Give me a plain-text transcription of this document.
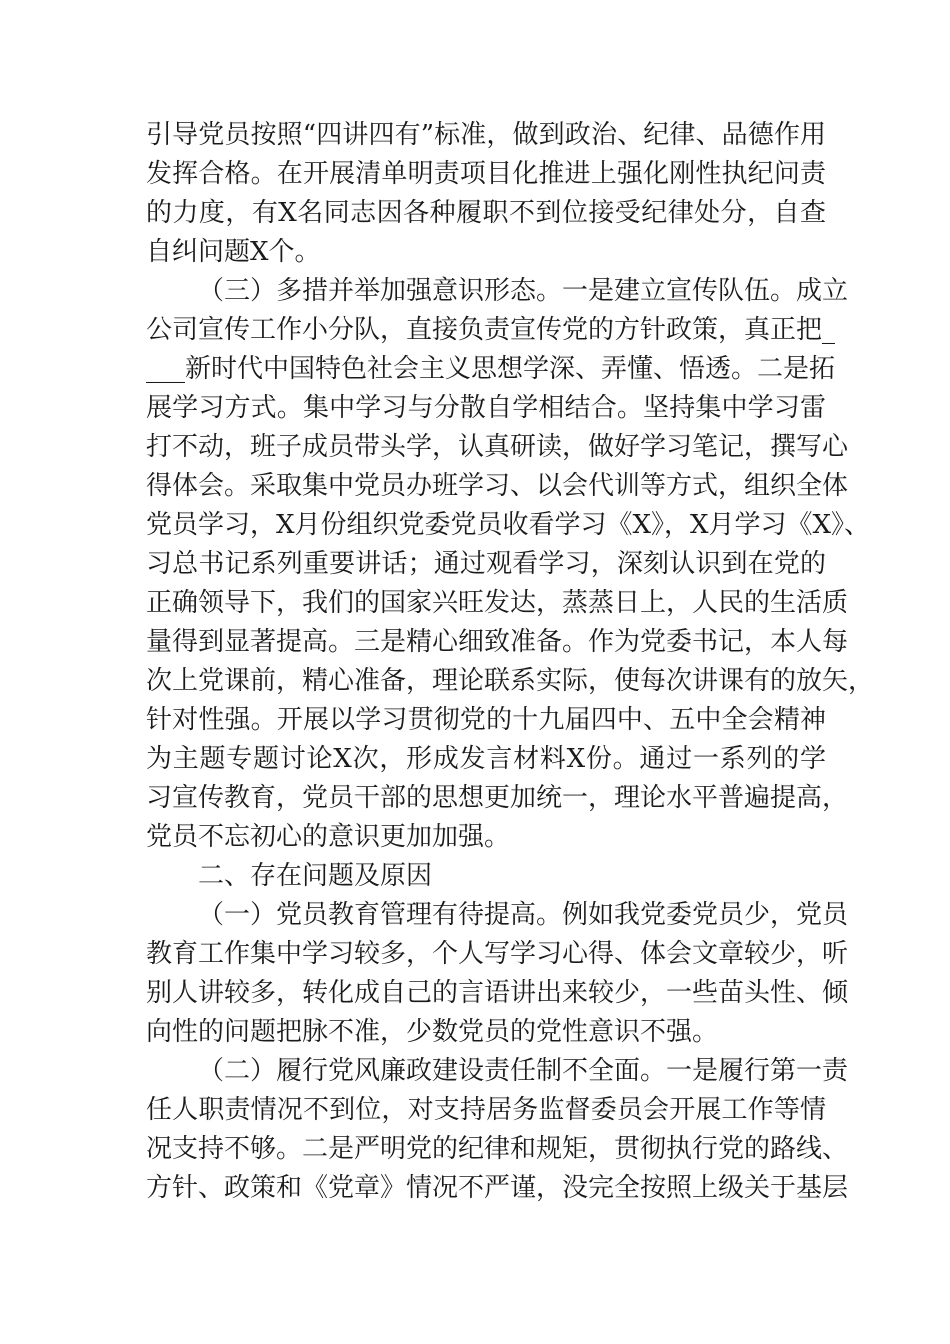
引导党员按照“四讲四有”标准，做到政治、纪律、品德作用
发挥合格。在开展清单明责项目化推进上强化刚性执纪问责
的力度，有X名同志因各种履职不到位接受纪律处分，自查
自纠问题X个。
（三）多措并举加强意识形态。一是建立宣传队伍。成立
公司宣传工作小分队，直接负责宣传党的方针政策，真正把_
___新时代中国特色社会主义思想学深、弄懂、悟透。二是拓
展学习方式。集中学习与分散自学相结合。坚持集中学习雷
打不动，班子成员带头学，认真研读，做好学习笔记，撰写心
得体会。采取集中党员办班学习、以会代训等方式，组织全体
党员学习，X月份组织党委党员收看学习《X》，X月学习《X》、
习总书记系列重要讲话；通过观看学习，深刻认识到在党的
正确领导下，我们的国家兴旺发达，蒸蒸日上，人民的生活质
量得到显著提高。三是精心细致准备。作为党委书记，本人每
次上党课前，精心准备，理论联系实际，使每次讲课有的放矢，
针对性强。开展以学习贯彻党的十九届四中、五中全会精神
为主题专题讨论X次，形成发言材料X份。通过一系列的学
习宣传教育，党员干部的思想更加统一，理论水平普遍提高，
党员不忘初心的意识更加加强。
二、存在问题及原因
（一）党员教育管理有待提高。例如我党委党员少，党员
教育工作集中学习较多，个人写学习心得、体会文章较少，听
别人讲较多，转化成自己的言语讲出来较少，一些苗头性、倾
向性的问题把脉不准，少数党员的党性意识不强。
（二）履行党风廉政建设责任制不全面。一是履行第一责
任人职责情况不到位，对支持居务监督委员会开展工作等情
况支持不够。二是严明党的纪律和规矩，贯彻执行党的路线、
方针、政策和《党章》情况不严谨，没完全按照上级关于基层
